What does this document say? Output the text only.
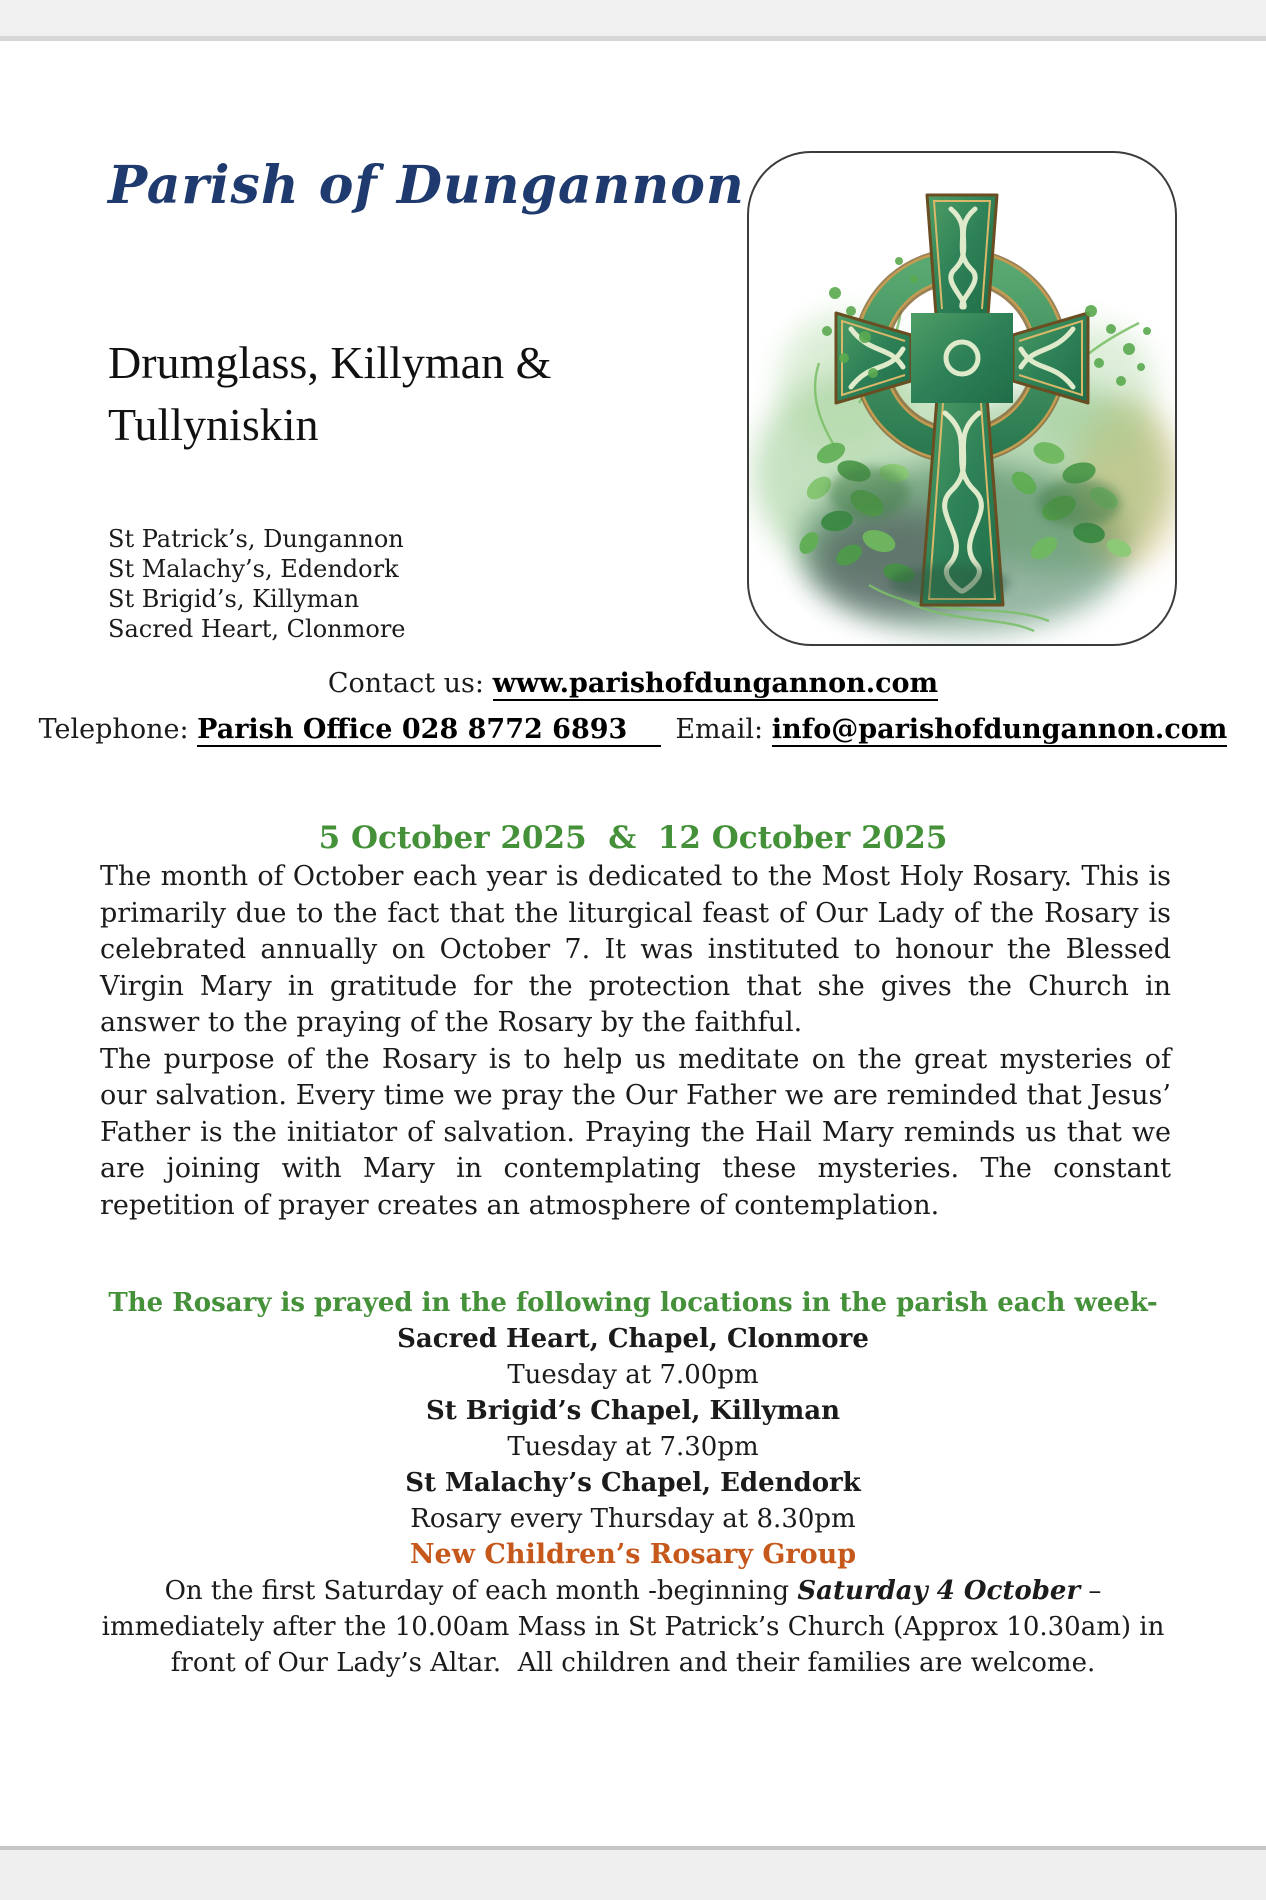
Parish of Dungannon
Drumglass, Killyman & Tullyniskin
St Patrick’s, Dungannon
St Malachy’s, Edendork
St Brigid’s, Killyman
Sacred Heart, Clonmore
Contact us: www.parishofdungannon.com
Telephone: Parish Office 028 8772 6893 Email: info@parishofdungannon.com
5 October 2025  &  12 October 2025

The month of October each year is dedicated to the Most Holy Rosary. This is primarily due to the fact that the liturgical feast of Our Lady of the Rosary is celebrated annually on October 7. It was instituted to honour the Blessed Virgin Mary in gratitude for the protection that she gives the Church in answer to the praying of the Rosary by the faithful.

The purpose of the Rosary is to help us meditate on the great mysteries of our salvation. Every time we pray the Our Father we are reminded that Jesus’ Father is the initiator of salvation. Praying the Hail Mary reminds us that we are joining with Mary in contemplating these mysteries. The constant repetition of prayer creates an atmosphere of contemplation.

The Rosary is prayed in the following locations in the parish each week-
Sacred Heart, Chapel, Clonmore
Tuesday at 7.00pm
St Brigid’s Chapel, Killyman
Tuesday at 7.30pm
St Malachy’s Chapel, Edendork
Rosary every Thursday at 8.30pm
New Children’s Rosary Group

On the first Saturday of each month -beginning Saturday 4 October – immediately after the 10.00am Mass in St Patrick’s Church (Approx 10.30am) in front of Our Lady’s Altar.  All children and their families are welcome.
